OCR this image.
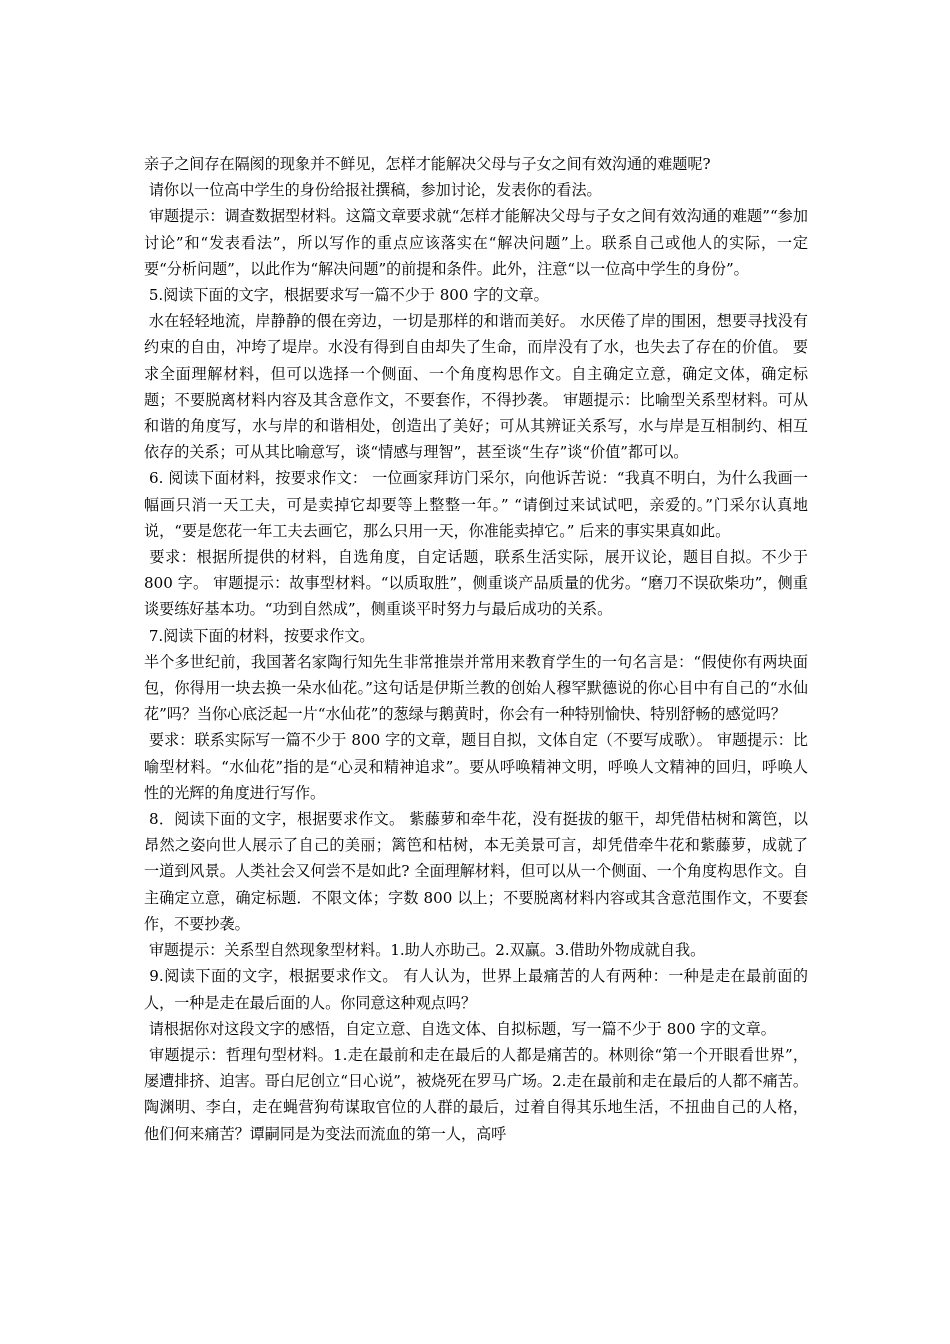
亲子之间存在隔阂的现象并不鲜见，怎样才能解决父母与子女之间有效沟通的难题呢?

请你以一位高中学生的身份给报社撰稿，参加讨论，发表你的看法。

审题提示：调查数据型材料。这篇文章要求就“怎样才能解决父母与子女之间有效沟通的难题”“参加讨论”和“发表看法”，所以写作的重点应该落实在“解决问题”上。联系自己或他人的实际，一定要“分析问题”，以此作为“解决问题”的前提和条件。此外，注意“以一位高中学生的身份”。

5.阅读下面的文字，根据要求写一篇不少于 800 字的文章。

水在轻轻地流，岸静静的偎在旁边，一切是那样的和谐而美好。 水厌倦了岸的围困，想要寻找没有约束的自由，冲垮了堤岸。水没有得到自由却失了生命，而岸没有了水，也失去了存在的价值。 要求全面理解材料，但可以选择一个侧面、一个角度构思作文。自主确定立意，确定文体，确定标题；不要脱离材料内容及其含意作文，不要套作，不得抄袭。 审题提示：比喻型关系型材料。可从和谐的角度写，水与岸的和谐相处，创造出了美好；可从其辨证关系写，水与岸是互相制约、相互依存的关系；可从其比喻意写，谈“情感与理智”，甚至谈“生存”谈“价值”都可以。

6. 阅读下面材料，按要求作文： 一位画家拜访门采尔，向他诉苦说：“我真不明白，为什么我画一幅画只消一天工夫，可是卖掉它却要等上整整一年。” “请倒过来试试吧，亲爱的。”门采尔认真地说，“要是您花一年工夫去画它，那么只用一天，你准能卖掉它。” 后来的事实果真如此。

要求：根据所提供的材料，自选角度，自定话题，联系生活实际，展开议论，题目自拟。不少于 800 字。 审题提示：故事型材料。“以质取胜”，侧重谈产品质量的优劣。“磨刀不误砍柴功”，侧重谈要练好基本功。“功到自然成”，侧重谈平时努力与最后成功的关系。

7.阅读下面的材料，按要求作文。

半个多世纪前，我国著名家陶行知先生非常推崇并常用来教育学生的一句名言是：“假使你有两块面包，你得用一块去换一朵水仙花。”这句话是伊斯兰教的创始人穆罕默德说的你心目中有自己的“水仙花”吗？当你心底泛起一片“水仙花”的葱绿与鹅黄时，你会有一种特别愉快、特别舒畅的感觉吗？

要求：联系实际写一篇不少于 800 字的文章，题目自拟，文体自定（不要写成歌）。 审题提示：比喻型材料。“水仙花”指的是“心灵和精神追求”。要从呼唤精神文明，呼唤人文精神的回归，呼唤人性的光辉的角度进行写作。

8．阅读下面的文字，根据要求作文。 紫藤萝和牵牛花，没有挺拔的躯干，却凭借枯树和篱笆，以昂然之姿向世人展示了自己的美丽；篱笆和枯树，本无美景可言，却凭借牵牛花和紫藤萝，成就了一道到风景。人类社会又何尝不是如此? 全面理解材料，但可以从一个侧面、一个角度构思作文。自主确定立意，确定标题．不限文体；字数 800 以上；不要脱离材料内容或其含意范围作文，不要套作，不要抄袭。

审题提示：关系型自然现象型材料。1.助人亦助己。2.双赢。3.借助外物成就自我。

9.阅读下面的文字，根据要求作文。 有人认为，世界上最痛苦的人有两种：一种是走在最前面的人，一种是走在最后面的人。你同意这种观点吗？

请根据你对这段文字的感悟，自定立意、自选文体、自拟标题，写一篇不少于 800 字的文章。

审题提示：哲理句型材料。1.走在最前和走在最后的人都是痛苦的。林则徐“第一个开眼看世界”，屡遭排挤、迫害。哥白尼创立“日心说”，被烧死在罗马广场。2.走在最前和走在最后的人都不痛苦。陶渊明、李白，走在蝇营狗苟谋取官位的人群的最后，过着自得其乐地生活，不扭曲自己的人格，他们何来痛苦？谭嗣同是为变法而流血的第一人，高呼
